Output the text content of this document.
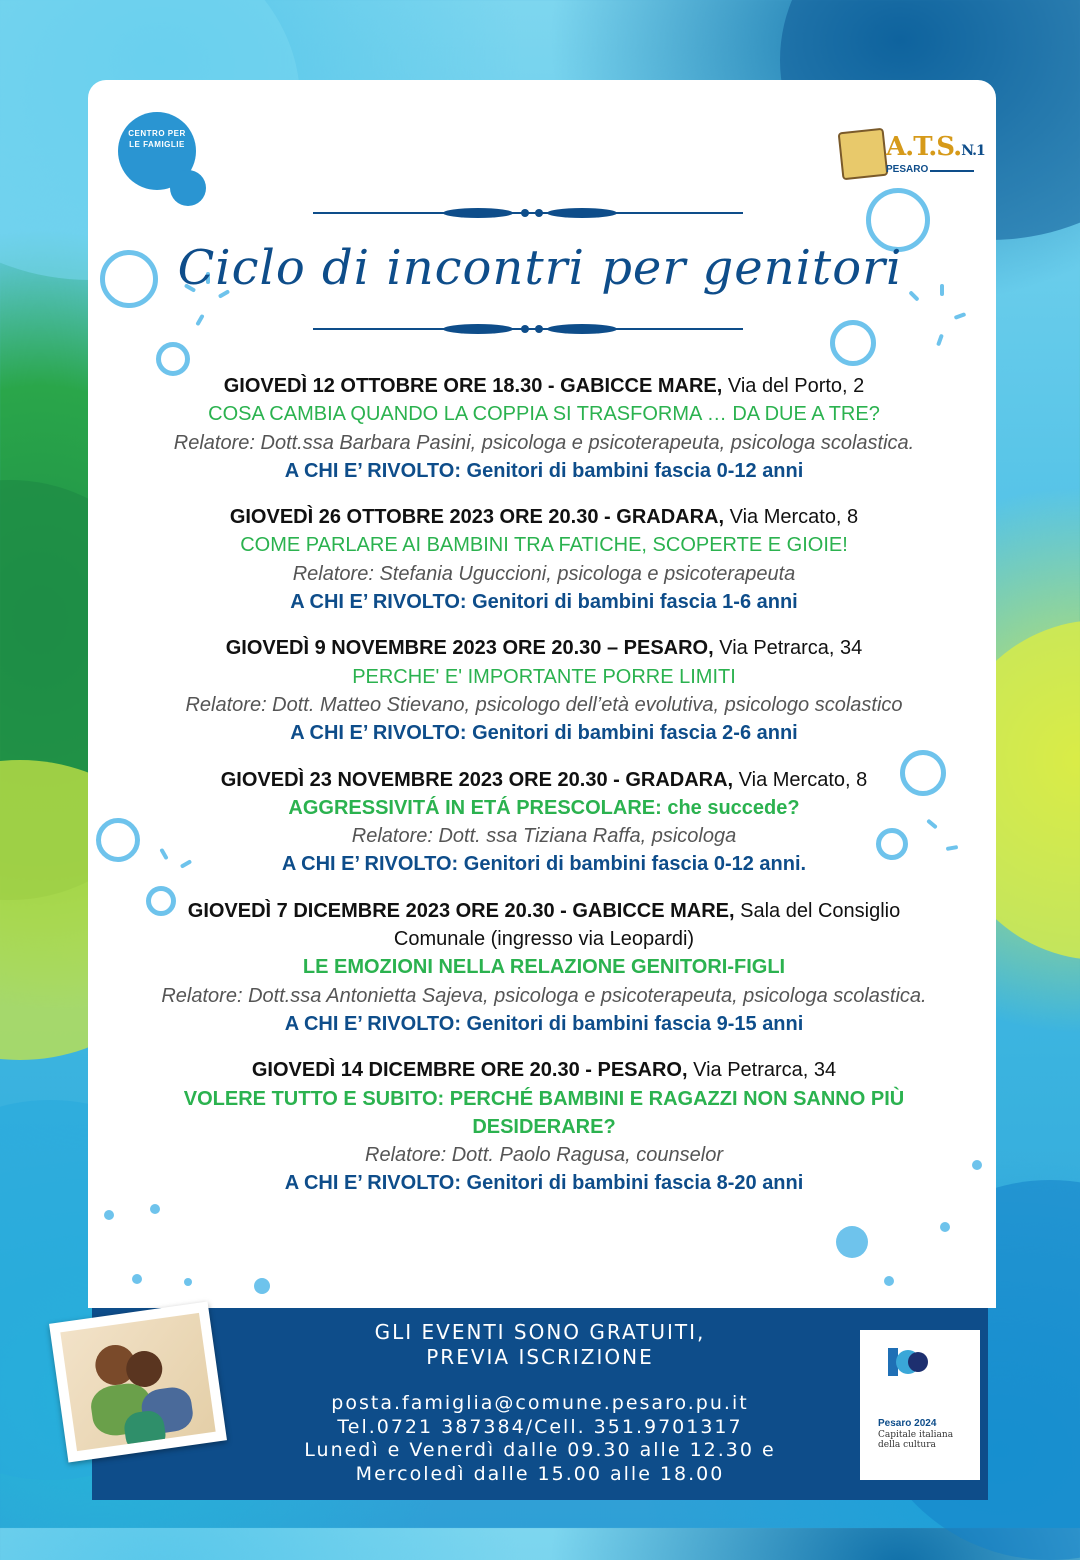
CENTRO PER LE FAMIGLIE	A.T.S.N.1
PESARO
Ciclo di incontri per genitori
GIOVEDÌ 12 OTTOBRE ORE 18.30 - GABICCE MARE, Via del Porto, 2
COSA CAMBIA QUANDO LA COPPIA SI TRASFORMA … DA DUE A TRE?
Relatore: Dott.ssa Barbara Pasini, psicologa e psicoterapeuta, psicologa scolastica.
A CHI E’ RIVOLTO: Genitori di bambini fascia 0-12 anni
GIOVEDÌ 26 OTTOBRE 2023 ORE 20.30 - GRADARA, Via Mercato, 8
COME PARLARE AI BAMBINI TRA FATICHE, SCOPERTE E GIOIE!
Relatore: Stefania Uguccioni, psicologa e psicoterapeuta
A CHI E’ RIVOLTO: Genitori di bambini fascia 1-6 anni
GIOVEDÌ 9 NOVEMBRE 2023 ORE 20.30 – PESARO, Via Petrarca, 34
PERCHE' E' IMPORTANTE PORRE LIMITI
Relatore: Dott. Matteo Stievano, psicologo dell’età evolutiva, psicologo scolastico
A CHI E’ RIVOLTO: Genitori di bambini fascia 2-6 anni
GIOVEDÌ 23 NOVEMBRE 2023 ORE 20.30 - GRADARA, Via Mercato, 8
AGGRESSIVITÁ IN ETÁ PRESCOLARE: che succede?
Relatore: Dott. ssa Tiziana Raffa, psicologa
A CHI E’ RIVOLTO: Genitori di bambini fascia 0-12 anni.
GIOVEDÌ 7 DICEMBRE 2023 ORE 20.30 - GABICCE MARE, Sala del Consiglio
Comunale (ingresso via Leopardi)
LE EMOZIONI NELLA RELAZIONE GENITORI-FIGLI
Relatore: Dott.ssa Antonietta Sajeva, psicologa e psicoterapeuta, psicologa scolastica.
A CHI E’ RIVOLTO: Genitori di bambini fascia 9-15 anni
GIOVEDÌ 14 DICEMBRE ORE 20.30 - PESARO, Via Petrarca, 34
VOLERE TUTTO E SUBITO: PERCHÉ BAMBINI E RAGAZZI NON SANNO PIÙ
DESIDERARE?
Relatore: Dott. Paolo Ragusa, counselor
A CHI E’ RIVOLTO: Genitori di bambini fascia 8-20 anni
GLI EVENTI SONO GRATUITI,
PREVIA ISCRIZIONE
posta.famiglia@comune.pesaro.pu.it
Tel.0721 387384/Cell. 351.9701317
Lunedì e Venerdì dalle 09.30 alle 12.30 e
Mercoledì dalle 15.00 alle 18.00
Pesaro 2024
Capitale italiana della cultura
